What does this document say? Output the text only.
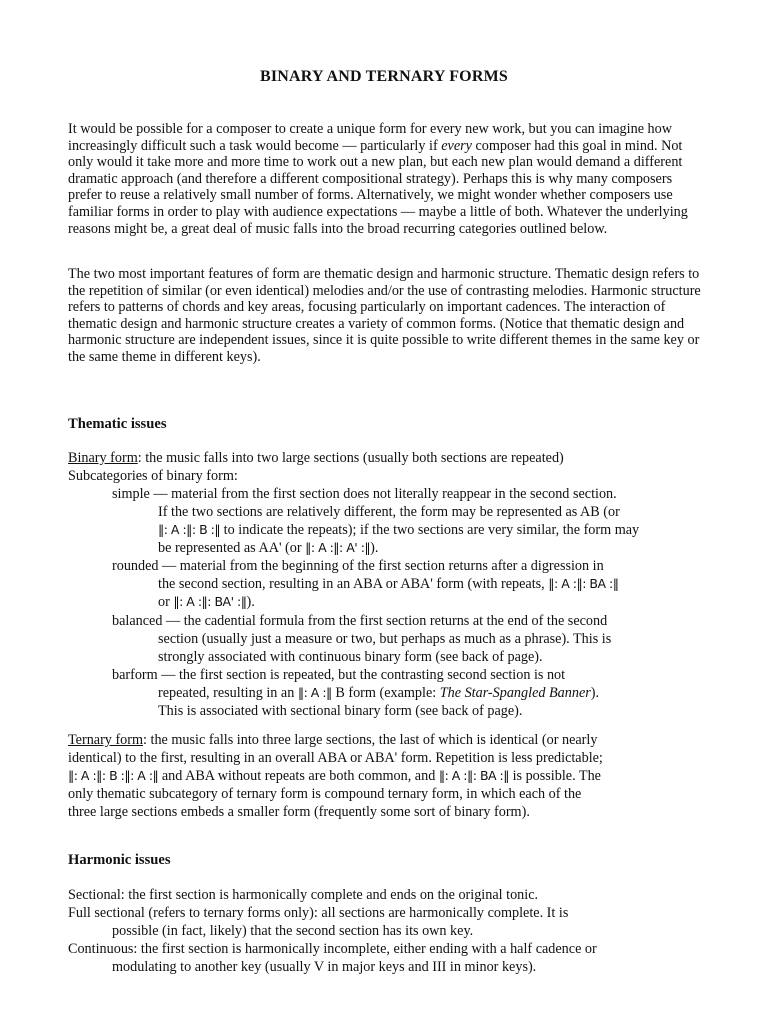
BINARY AND TERNARY FORMS
It would be possible for a composer to create a unique form for every new work, but you can imagine how increasingly difficult such a task would become — particularly if every composer had this goal in mind. Not only would it take more and more time to work out a new plan, but each new plan would demand a different dramatic approach (and therefore a different compositional strategy). Perhaps this is why many composers prefer to reuse a relatively small number of forms. Alternatively, we might wonder whether composers use familiar forms in order to play with audience expectations — maybe a little of both. Whatever the underlying reasons might be, a great deal of music falls into the broad recurring categories outlined below.
The two most important features of form are thematic design and harmonic structure. Thematic design refers to the repetition of similar (or even identical) melodies and/or the use of contrasting melodies. Harmonic structure refers to patterns of chords and key areas, focusing particularly on important cadences. The interaction of thematic design and harmonic structure creates a variety of common forms. (Notice that thematic design and harmonic structure are independent issues, since it is quite possible to write different themes in the same key or the same theme in different keys).
Thematic issues
Binary form: the music falls into two large sections (usually both sections are repeated)
Subcategories of binary form:
simple — material from the first section does not literally reappear in the second section.
If the two sections are relatively different, the form may be represented as AB (or
‖: A :‖: B :‖ to indicate the repeats); if the two sections are very similar, the form may
be represented as AA' (or ‖: A :‖: A' :‖).
rounded — material from the beginning of the first section returns after a digression in
the second section, resulting in an ABA or ABA' form (with repeats, ‖: A :‖: BA :‖
or ‖: A :‖: BA' :‖).
balanced — the cadential formula from the first section returns at the end of the second
section (usually just a measure or two, but perhaps as much as a phrase). This is
strongly associated with continuous binary form (see back of page).
barform — the first section is repeated, but the contrasting second section is not
repeated, resulting in an ‖: A :‖ B form (example: The Star-Spangled Banner).
This is associated with sectional binary form (see back of page).
Ternary form: the music falls into three large sections, the last of which is identical (or nearly
identical) to the first, resulting in an overall ABA or ABA' form. Repetition is less predictable;
‖: A :‖: B :‖: A :‖ and ABA without repeats are both common, and ‖: A :‖: BA :‖ is possible. The
only thematic subcategory of ternary form is compound ternary form, in which each of the
three large sections embeds a smaller form (frequently some sort of binary form).
Harmonic issues
Sectional: the first section is harmonically complete and ends on the original tonic.
Full sectional (refers to ternary forms only): all sections are harmonically complete. It is
possible (in fact, likely) that the second section has its own key.
Continuous: the first section is harmonically incomplete, either ending with a half cadence or
modulating to another key (usually V in major keys and III in minor keys).
